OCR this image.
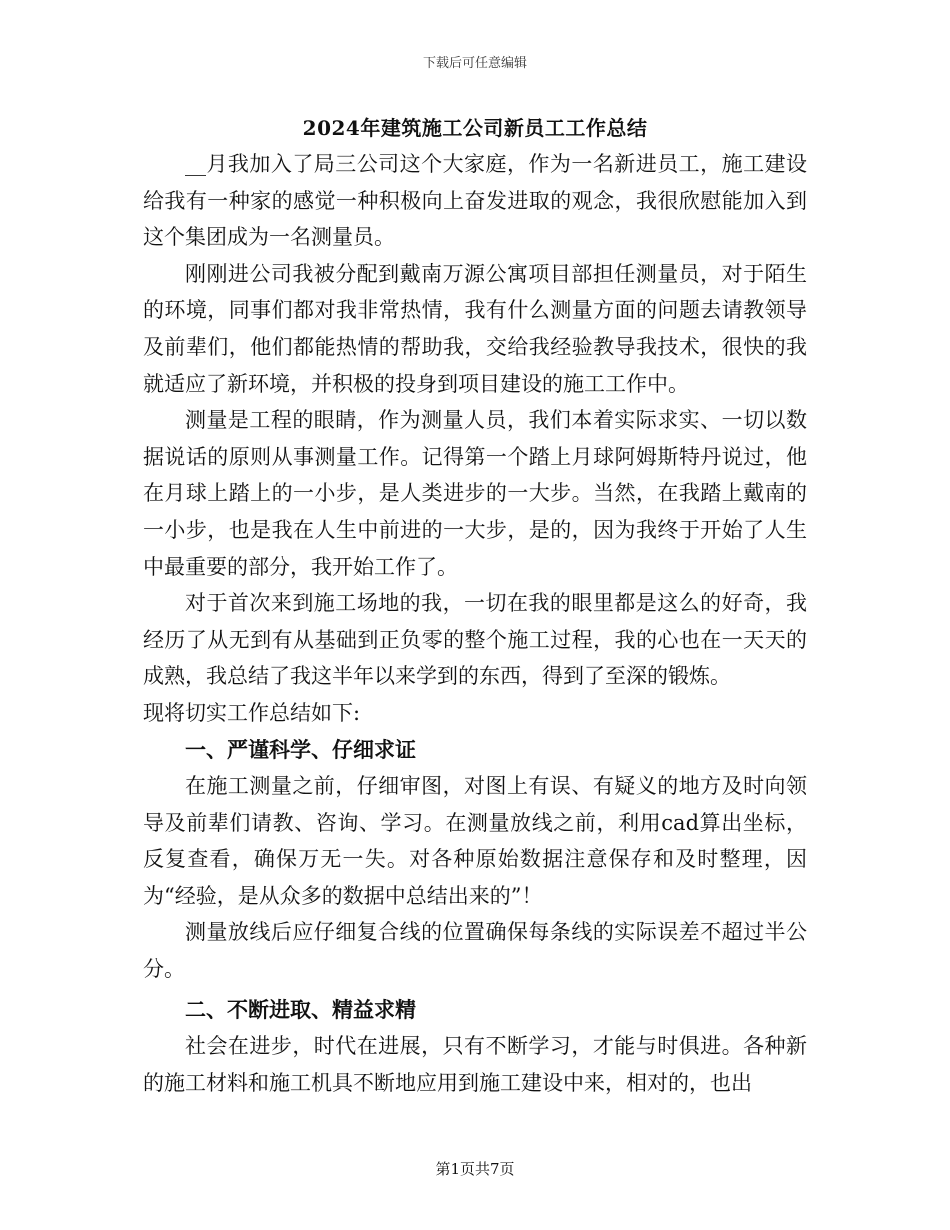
下载后可任意编辑
2024年建筑施工公司新员工工作总结

__月我加入了局三公司这个大家庭，作为一名新进员工，施工建设给我有一种家的感觉一种积极向上奋发进取的观念，我很欣慰能加入到这个集团成为一名测量员。

刚刚进公司我被分配到戴南万源公寓项目部担任测量员，对于陌生的环境，同事们都对我非常热情，我有什么测量方面的问题去请教领导及前辈们，他们都能热情的帮助我，交给我经验教导我技术，很快的我就适应了新环境，并积极的投身到项目建设的施工工作中。

测量是工程的眼睛，作为测量人员，我们本着实际求实、一切以数据说话的原则从事测量工作。记得第一个踏上月球阿姆斯特丹说过，他在月球上踏上的一小步，是人类进步的一大步。当然，在我踏上戴南的一小步，也是我在人生中前进的一大步，是的，因为我终于开始了人生中最重要的部分，我开始工作了。

对于首次来到施工场地的我，一切在我的眼里都是这么的好奇，我经历了从无到有从基础到正负零的整个施工过程，我的心也在一天天的成熟，我总结了我这半年以来学到的东西，得到了至深的锻炼。

现将切实工作总结如下:

一、严谨科学、仔细求证

在施工测量之前，仔细审图，对图上有误、有疑义的地方及时向领导及前辈们请教、咨询、学习。在测量放线之前，利用cad算出坐标，反复查看，确保万无一失。对各种原始数据注意保存和及时整理，因为“经验，是从众多的数据中总结出来的”！

测量放线后应仔细复合线的位置确保每条线的实际误差不超过半公分。

二、不断进取、精益求精

社会在进步，时代在进展，只有不断学习，才能与时俱进。各种新的施工材料和施工机具不断地应用到施工建设中来，相对的，也出

第1页共7页
